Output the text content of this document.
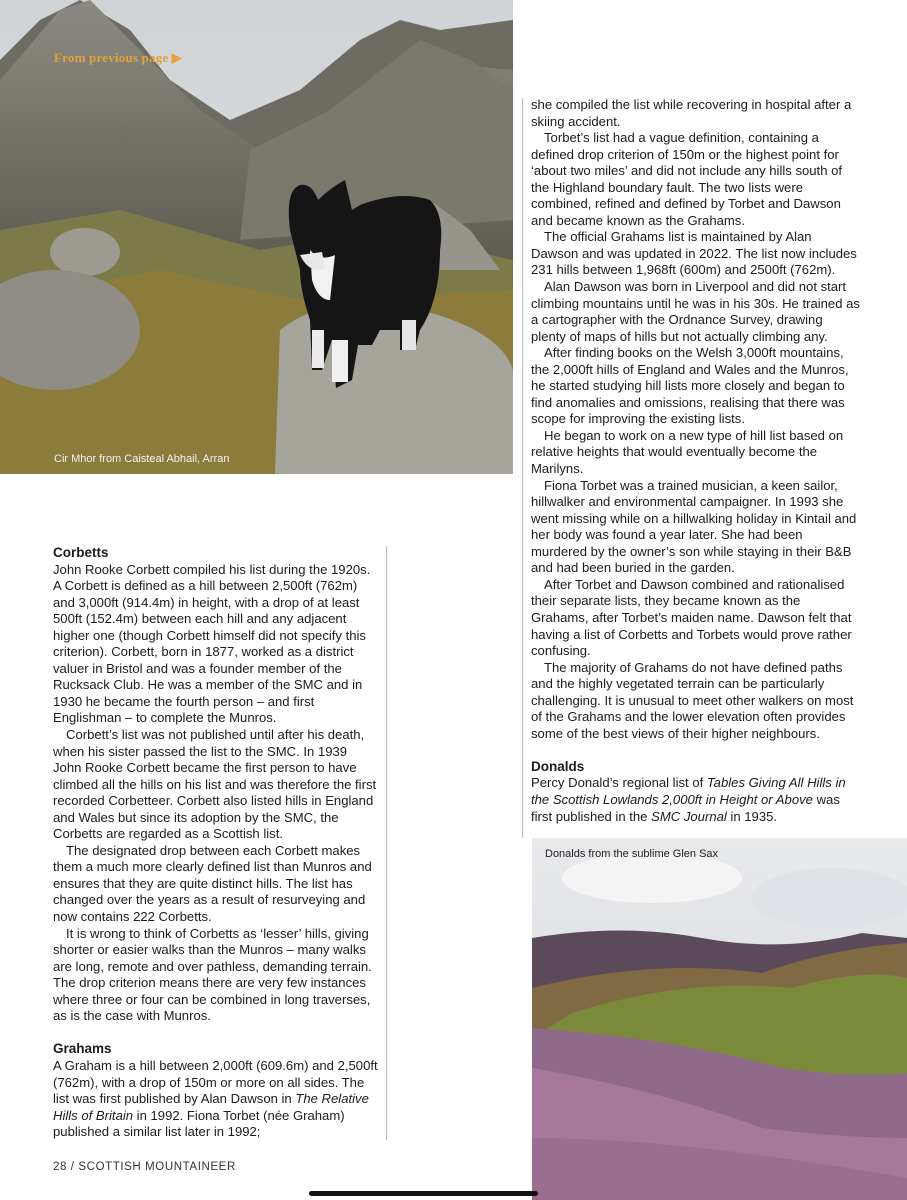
From previous page ▶
Cir Mhor from Caisteal Abhail, Arran

she compiled the list while recovering in hospital after a skiing accident.

Torbet’s list had a vague definition, containing a defined drop criterion of 150m or the highest point for ‘about two miles’ and did not include any hills south of the Highland boundary fault. The two lists were combined, refined and defined by Torbet and Dawson and became known as the Grahams.

The official Grahams list is maintained by Alan Dawson and was updated in 2022. The list now includes 231 hills between 1,968ft (600m) and 2500ft (762m).

Alan Dawson was born in Liverpool and did not start climbing mountains until he was in his 30s. He trained as a cartographer with the Ordnance Survey, drawing plenty of maps of hills but not actually climbing any.

After finding books on the Welsh 3,000ft mountains, the 2,000ft hills of England and Wales and the Munros, he started studying hill lists more closely and began to find anomalies and omissions, realising that there was scope for improving the existing lists.

He began to work on a new type of hill list based on relative heights that would eventually become the Marilyns.

Fiona Torbet was a trained musician, a keen sailor, hillwalker and environmental campaigner. In 1993 she went missing while on a hillwalking holiday in Kintail and her body was found a year later. She had been murdered by the owner’s son while staying in their B&B and had been buried in the garden.

After Torbet and Dawson combined and rationalised their separate lists, they became known as the Grahams, after Torbet’s maiden name. Dawson felt that having a list of Corbetts and Torbets would prove rather confusing.

The majority of Grahams do not have defined paths and the highly vegetated terrain can be particularly challenging. It is unusual to meet other walkers on most of the Grahams and the lower elevation often provides some of the best views of their higher neighbours.

Donalds

Percy Donald’s regional list of Tables Giving All Hills in the Scottish Lowlands 2,000ft in Height or Above was first published in the SMC Journal in 1935.

Corbetts

John Rooke Corbett compiled his list during the 1920s. A Corbett is defined as a hill between 2,500ft (762m) and 3,000ft (914.4m) in height, with a drop of at least 500ft (152.4m) between each hill and any adjacent higher one (though Corbett himself did not specify this criterion). Corbett, born in 1877, worked as a district valuer in Bristol and was a founder member of the Rucksack Club. He was a member of the SMC and in 1930 he became the fourth person – and first Englishman – to complete the Munros.

Corbett’s list was not published until after his death, when his sister passed the list to the SMC. In 1939 John Rooke Corbett became the first person to have climbed all the hills on his list and was therefore the first recorded Corbetteer. Corbett also listed hills in England and Wales but since its adoption by the SMC, the Corbetts are regarded as a Scottish list.

The designated drop between each Corbett makes them a much more clearly defined list than Munros and ensures that they are quite distinct hills. The list has changed over the years as a result of resurveying and now contains 222 Corbetts.

It is wrong to think of Corbetts as ‘lesser’ hills, giving shorter or easier walks than the Munros – many walks are long, remote and over pathless, demanding terrain. The drop criterion means there are very few instances where three or four can be combined in long traverses, as is the case with Munros.

Grahams

A Graham is a hill between 2,000ft (609.6m) and 2,500ft (762m), with a drop of 150m or more on all sides. The list was first published by Alan Dawson in The Relative Hills of Britain in 1992. Fiona Torbet (née Graham) published a similar list later in 1992;

Donalds from the sublime Glen Sax
28 / SCOTTISH MOUNTAINEER
